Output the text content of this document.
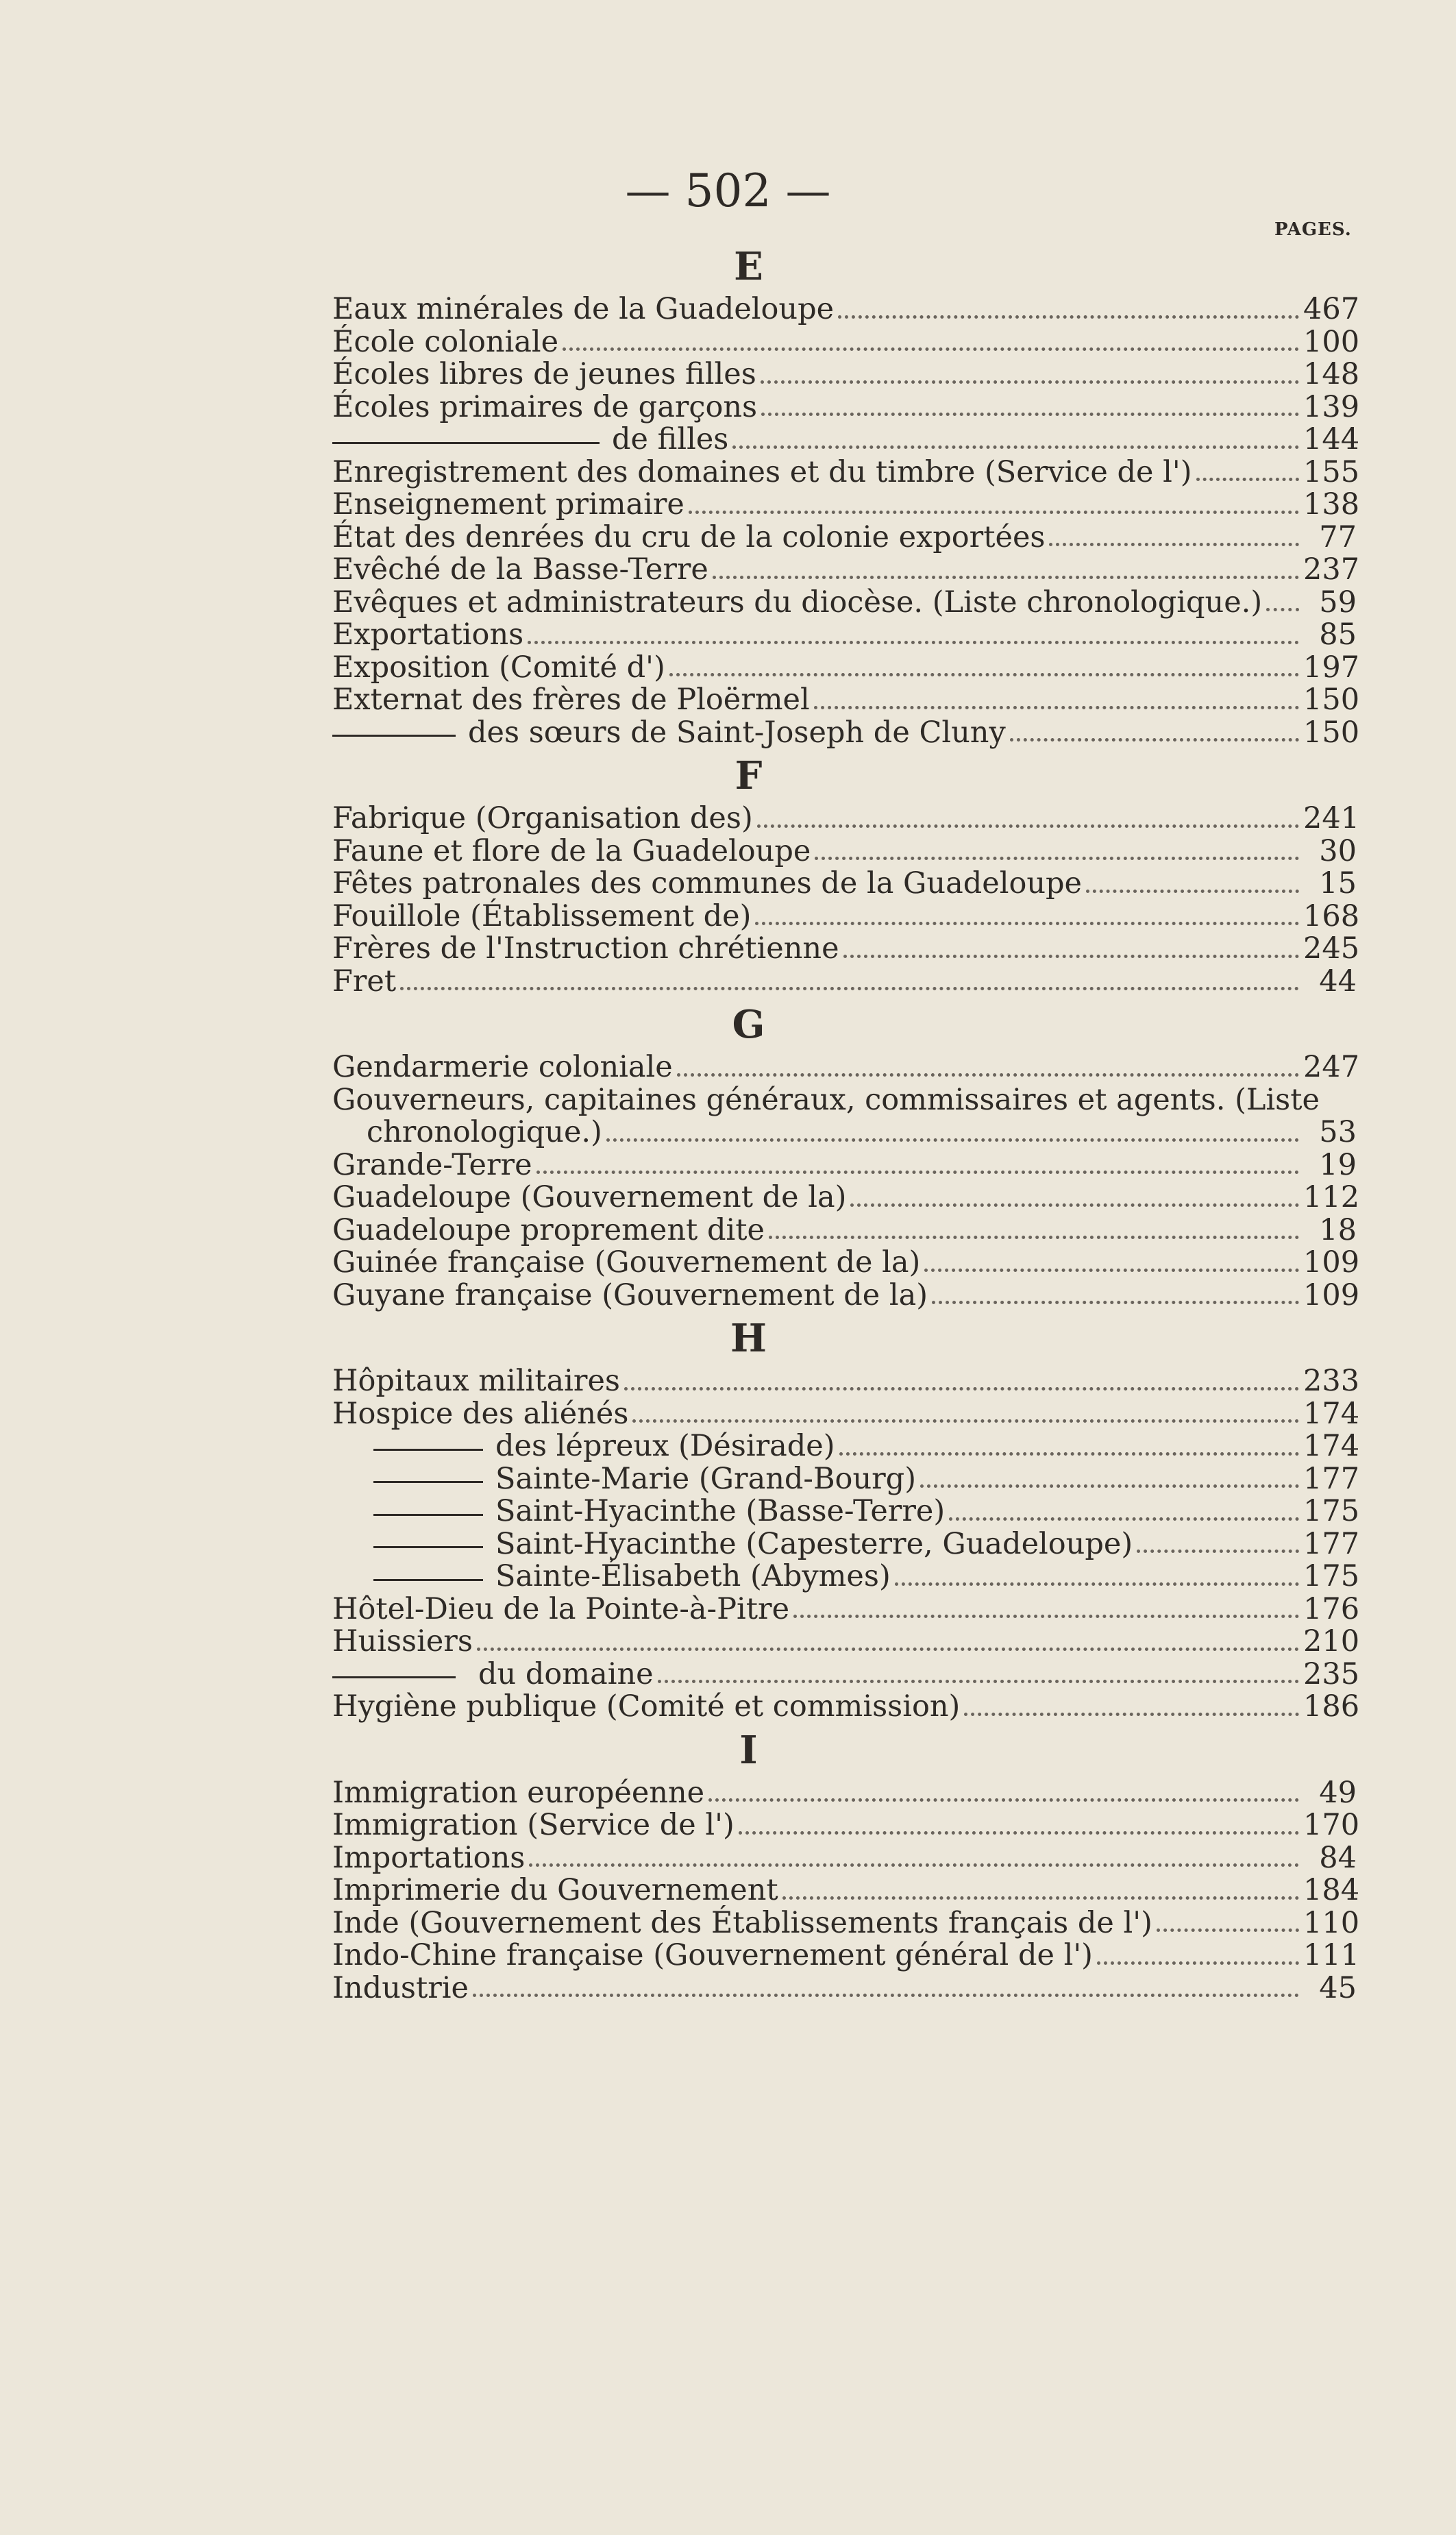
— 502 —
PAGES.
E
Eaux minérales de la Guadeloupe	467
École coloniale	100
Écoles libres de jeunes filles	148
Écoles primaires de garçons	139
de filles	144
Enregistrement des domaines et du timbre (Service de l')	155
Enseignement primaire	138
État des denrées du cru de la colonie exportées	77
Evêché de la Basse-Terre	237
Evêques et administrateurs du diocèse. (Liste chronologique.)	59
Exportations	85
Exposition (Comité d')	197
Externat des frères de Ploërmel	150
des sœurs de Saint-Joseph de Cluny	150
F
Fabrique (Organisation des)	241
Faune et flore de la Guadeloupe	30
Fêtes patronales des communes de la Guadeloupe	15
Fouillole (Établissement de)	168
Frères de l'Instruction chrétienne	245
Fret	44
G
Gendarmerie coloniale	247
Gouverneurs, capitaines généraux, commissaires et agents. (Liste
chronologique.)	53
Grande-Terre	19
Guadeloupe (Gouvernement de la)	112
Guadeloupe proprement dite	18
Guinée française (Gouvernement de la)	109
Guyane française (Gouvernement de la)	109
H
Hôpitaux militaires	233
Hospice des aliénés	174
des lépreux (Désirade)	174
Sainte-Marie (Grand-Bourg)	177
Saint-Hyacinthe (Basse-Terre)	175
Saint-Hyacinthe (Capesterre, Guadeloupe)	177
Sainte-Élisabeth (Abymes)	175
Hôtel-Dieu de la Pointe-à-Pitre	176
Huissiers	210
du domaine	235
Hygiène publique (Comité et commission)	186
I
Immigration européenne	49
Immigration (Service de l')	170
Importations	84
Imprimerie du Gouvernement	184
Inde (Gouvernement des Établissements français de l')	110
Indo-Chine française (Gouvernement général de l')	111
Industrie	45
